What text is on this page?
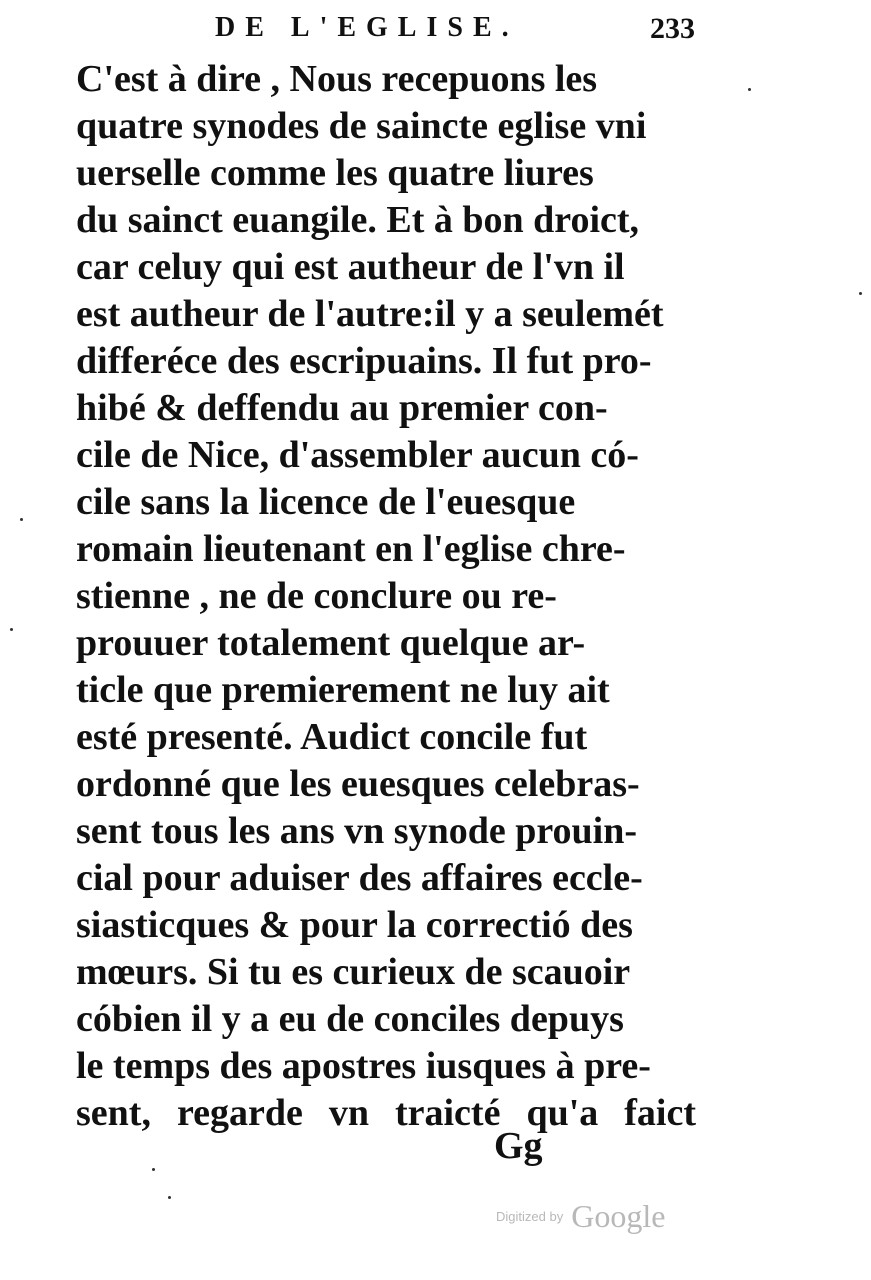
DE L'EGLISE.	233
C'est à dire , Nous recepuons les
quatre synodes de saincte eglise vni
uerselle comme les quatre liures
du sainct euangile. Et à bon droict,
car celuy qui est autheur de l'vn il
est autheur de l'autre:il y a seulemét
differéce des escripuains. Il fut pro-
hibé & deffendu au premier con-
cile de Nice, d'assembler aucun có-
cile sans la licence de l'euesque
romain lieutenant en l'eglise chre-
stienne , ne de conclure ou re-
prouuer totalement quelque ar-
ticle que premierement ne luy ait
esté presenté. Audict concile fut
ordonné que les euesques celebras-
sent tous les ans vn synode prouin-
cial pour aduiser des affaires eccle-
siasticques & pour la correctió des
mœurs. Si tu es curieux de scauoir
cóbien il y a eu de conciles depuys
le temps des apostres iusques à pre-
sent, regarde vn traicté qu'a faict
Gg
Digitized by Google
